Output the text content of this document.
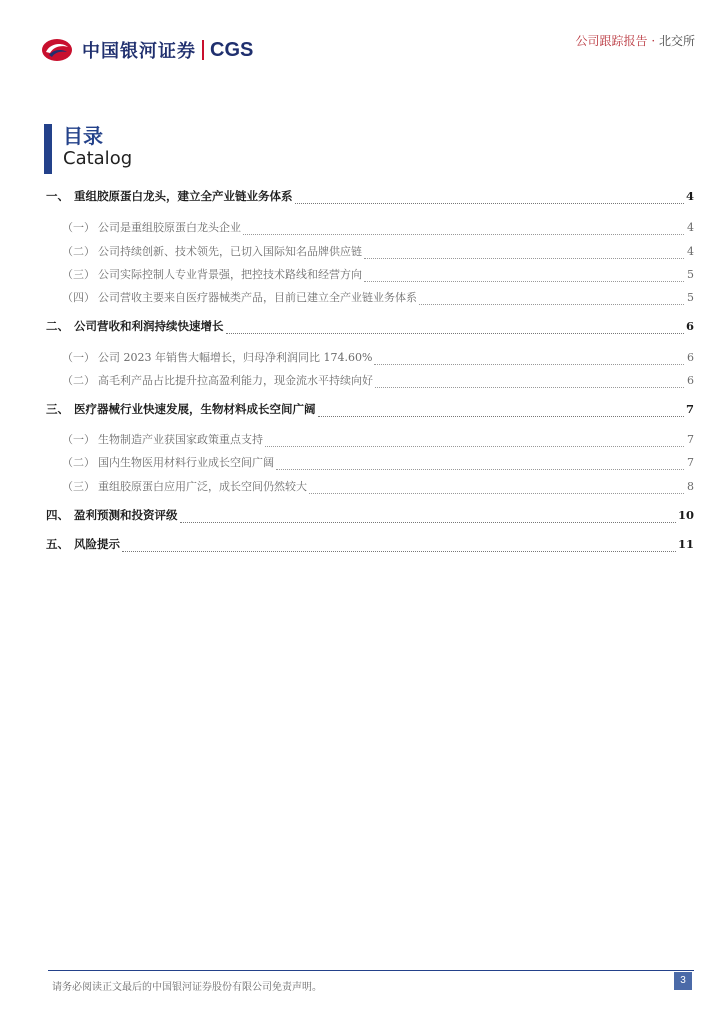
中国银河证券 CGS	公司跟踪报告 · 北交所
目录
Catalog
一、 重组胶原蛋白龙头，建立全产业链业务体系	4
（一） 公司是重组胶原蛋白龙头企业	4
（二） 公司持续创新、技术领先，已切入国际知名品牌供应链	4
（三） 公司实际控制人专业背景强，把控技术路线和经营方向	5
（四） 公司营收主要来自医疗器械类产品，目前已建立全产业链业务体系	5
二、 公司营收和利润持续快速增长	6
（一） 公司 2023 年销售大幅增长，归母净利润同比 174.60%	6
（二） 高毛利产品占比提升拉高盈利能力，现金流水平持续向好	6
三、 医疗器械行业快速发展，生物材料成长空间广阔	7
（一） 生物制造产业获国家政策重点支持	7
（二） 国内生物医用材料行业成长空间广阔	7
（三） 重组胶原蛋白应用广泛，成长空间仍然较大	8
四、 盈利预测和投资评级	10
五、 风险提示	11
请务必阅读正文最后的中国银河证券股份有限公司免责声明。
3
